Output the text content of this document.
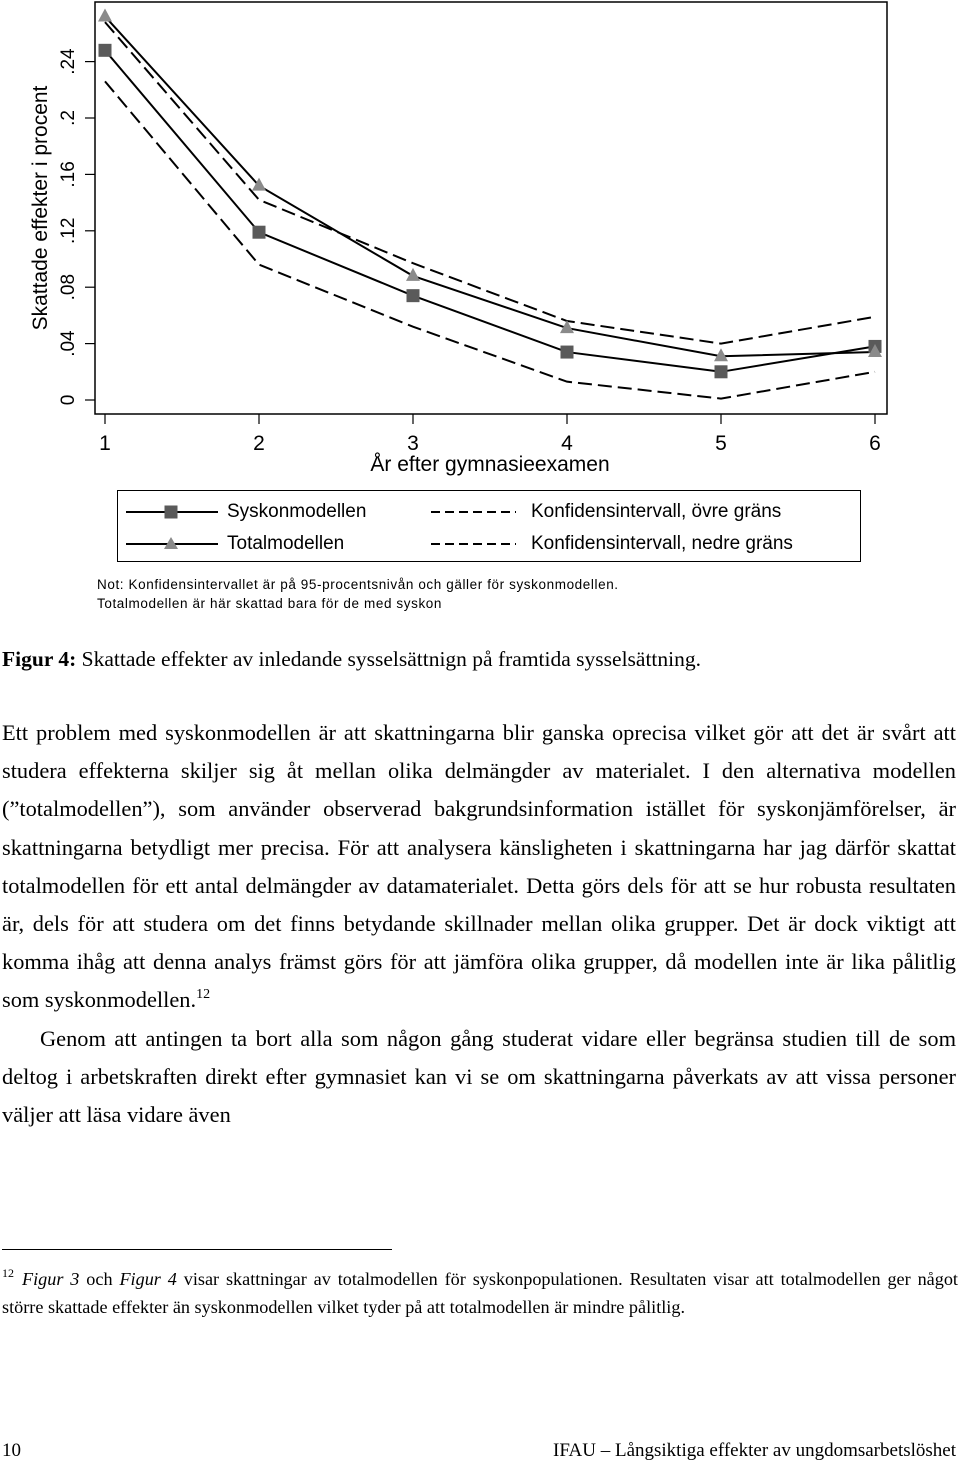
0
.04
.08
.12
.16
.2
.24
1	2	3	4	5	6
Skattade effekter i procent
År efter gymnasieexamen
Syskonmodellen
Totalmodellen
Konfidensintervall, övre gräns
Konfidensintervall, nedre gräns

Not: Konfidensintervallet är på 95-procentsnivån och gäller för syskonmodellen.

Totalmodellen är här skattad bara för de med syskon

Figur 4: Skattade effekter av inledande sysselsättnign på framtida sysselsättning.

Ett problem med syskonmodellen är att skattningarna blir ganska oprecisa vilket gör att det är svårt att studera effekterna skiljer sig åt mellan olika delmängder av materialet. I den alternativa modellen (”totalmodellen”), som använder observerad bakgrundsinformation istället för syskonjämförelser, är skattningarna betydligt mer precisa. För att analysera känsligheten i skattningarna har jag därför skattat totalmodellen för ett antal delmängder av datamaterialet. Detta görs dels för att se hur robusta resultaten är, dels för att studera om det finns betydande skillnader mellan olika grupper. Det är dock viktigt att komma ihåg att denna analys främst görs för att jämföra olika grupper, då modellen inte är lika pålitlig som syskonmodellen.$^{12}$

Genom att antingen ta bort alla som någon gång studerat vidare eller begränsa studien till de som deltog i arbetskraften direkt efter gymnasiet kan vi se om skattningarna påverkats av att vissa personer väljer att läsa vidare även

$^{12}$ Figur 3 och Figur 4 visar skattningar av totalmodellen för syskonpopulationen. Resultaten visar att totalmodellen ger något större skattade effekter än syskonmodellen vilket tyder på att totalmodellen är mindre pålitlig.

10	IFAU – Långsiktiga effekter av ungdomsarbetslöshet
